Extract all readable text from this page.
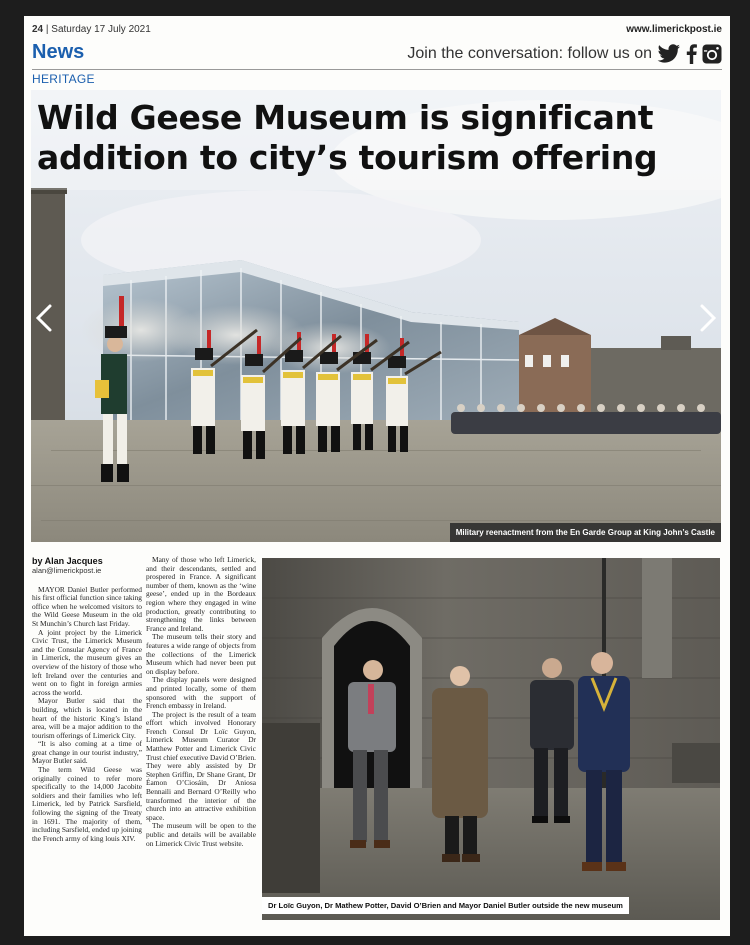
24 | Saturday 17 July 2021	www.limerickpost.ie
News	Join the conversation: follow us on
HERITAGE
Wild Geese Museum is significant addition to city’s tourism offering
Military reenactment from the En Garde Group at King John’s Castle

by Alan Jacques

alan@limerickpost.ie

MAYOR Daniel Butler performed his first official function since taking office when he welcomed visitors to the Wild Geese Museum in the old St Munchin’s Church last Friday.

A joint project by the Limerick Civic Trust, the Limerick Museum and the Consular Agency of France in Limerick, the museum gives an overview of the history of those who left Ireland over the centuries and went on to fight in foreign armies across the world.

Mayor Butler said that the building, which is located in the heart of the historic King’s Island area, will be a major addition to the tourism offerings of Limerick City.

“It is also coming at a time of great change in our tourist industry,” Mayor Butler said.

The term Wild Geese was originally coined to refer more specifically to the 14,000 Jacobite soldiers and their families who left Limerick, led by Patrick Sarsfield, following the signing of the Treaty in 1691. The majority of them, including Sarsfield, ended up joining the French army of king louis XIV.

Many of those who left Limerick, and their descendants, settled and prospered in France. A significant number of them, known as the ‘wine geese’, ended up in the Bordeaux region where they engaged in wine production, greatly contributing to strengthening the links between France and Ireland.

The museum tells their story and features a wide range of objects from the collections of the Limerick Museum which had never been put on display before.

The display panels were designed and printed locally, some of them sponsored with the support of French embassy in Ireland.

The project is the result of a team effort which involved Honorary French Consul Dr Loïc Guyon, Limerick Museum Curator Dr Matthew Potter and Limerick Civic Trust chief executive David O’Brien. They were ably assisted by Dr Stephen Griffin, Dr Shane Grant, Dr Éamon O’Ciosáin, Dr Aniosa Bennaili and Bernard O’Reilly who transformed the interior of the church into an attractive exhibition space.

The museum will be open to the public and details will be available on Limerick Civic Trust website.

Dr Loïc Guyon, Dr Mathew Potter, David O’Brien and Mayor Daniel Butler outside the new museum
